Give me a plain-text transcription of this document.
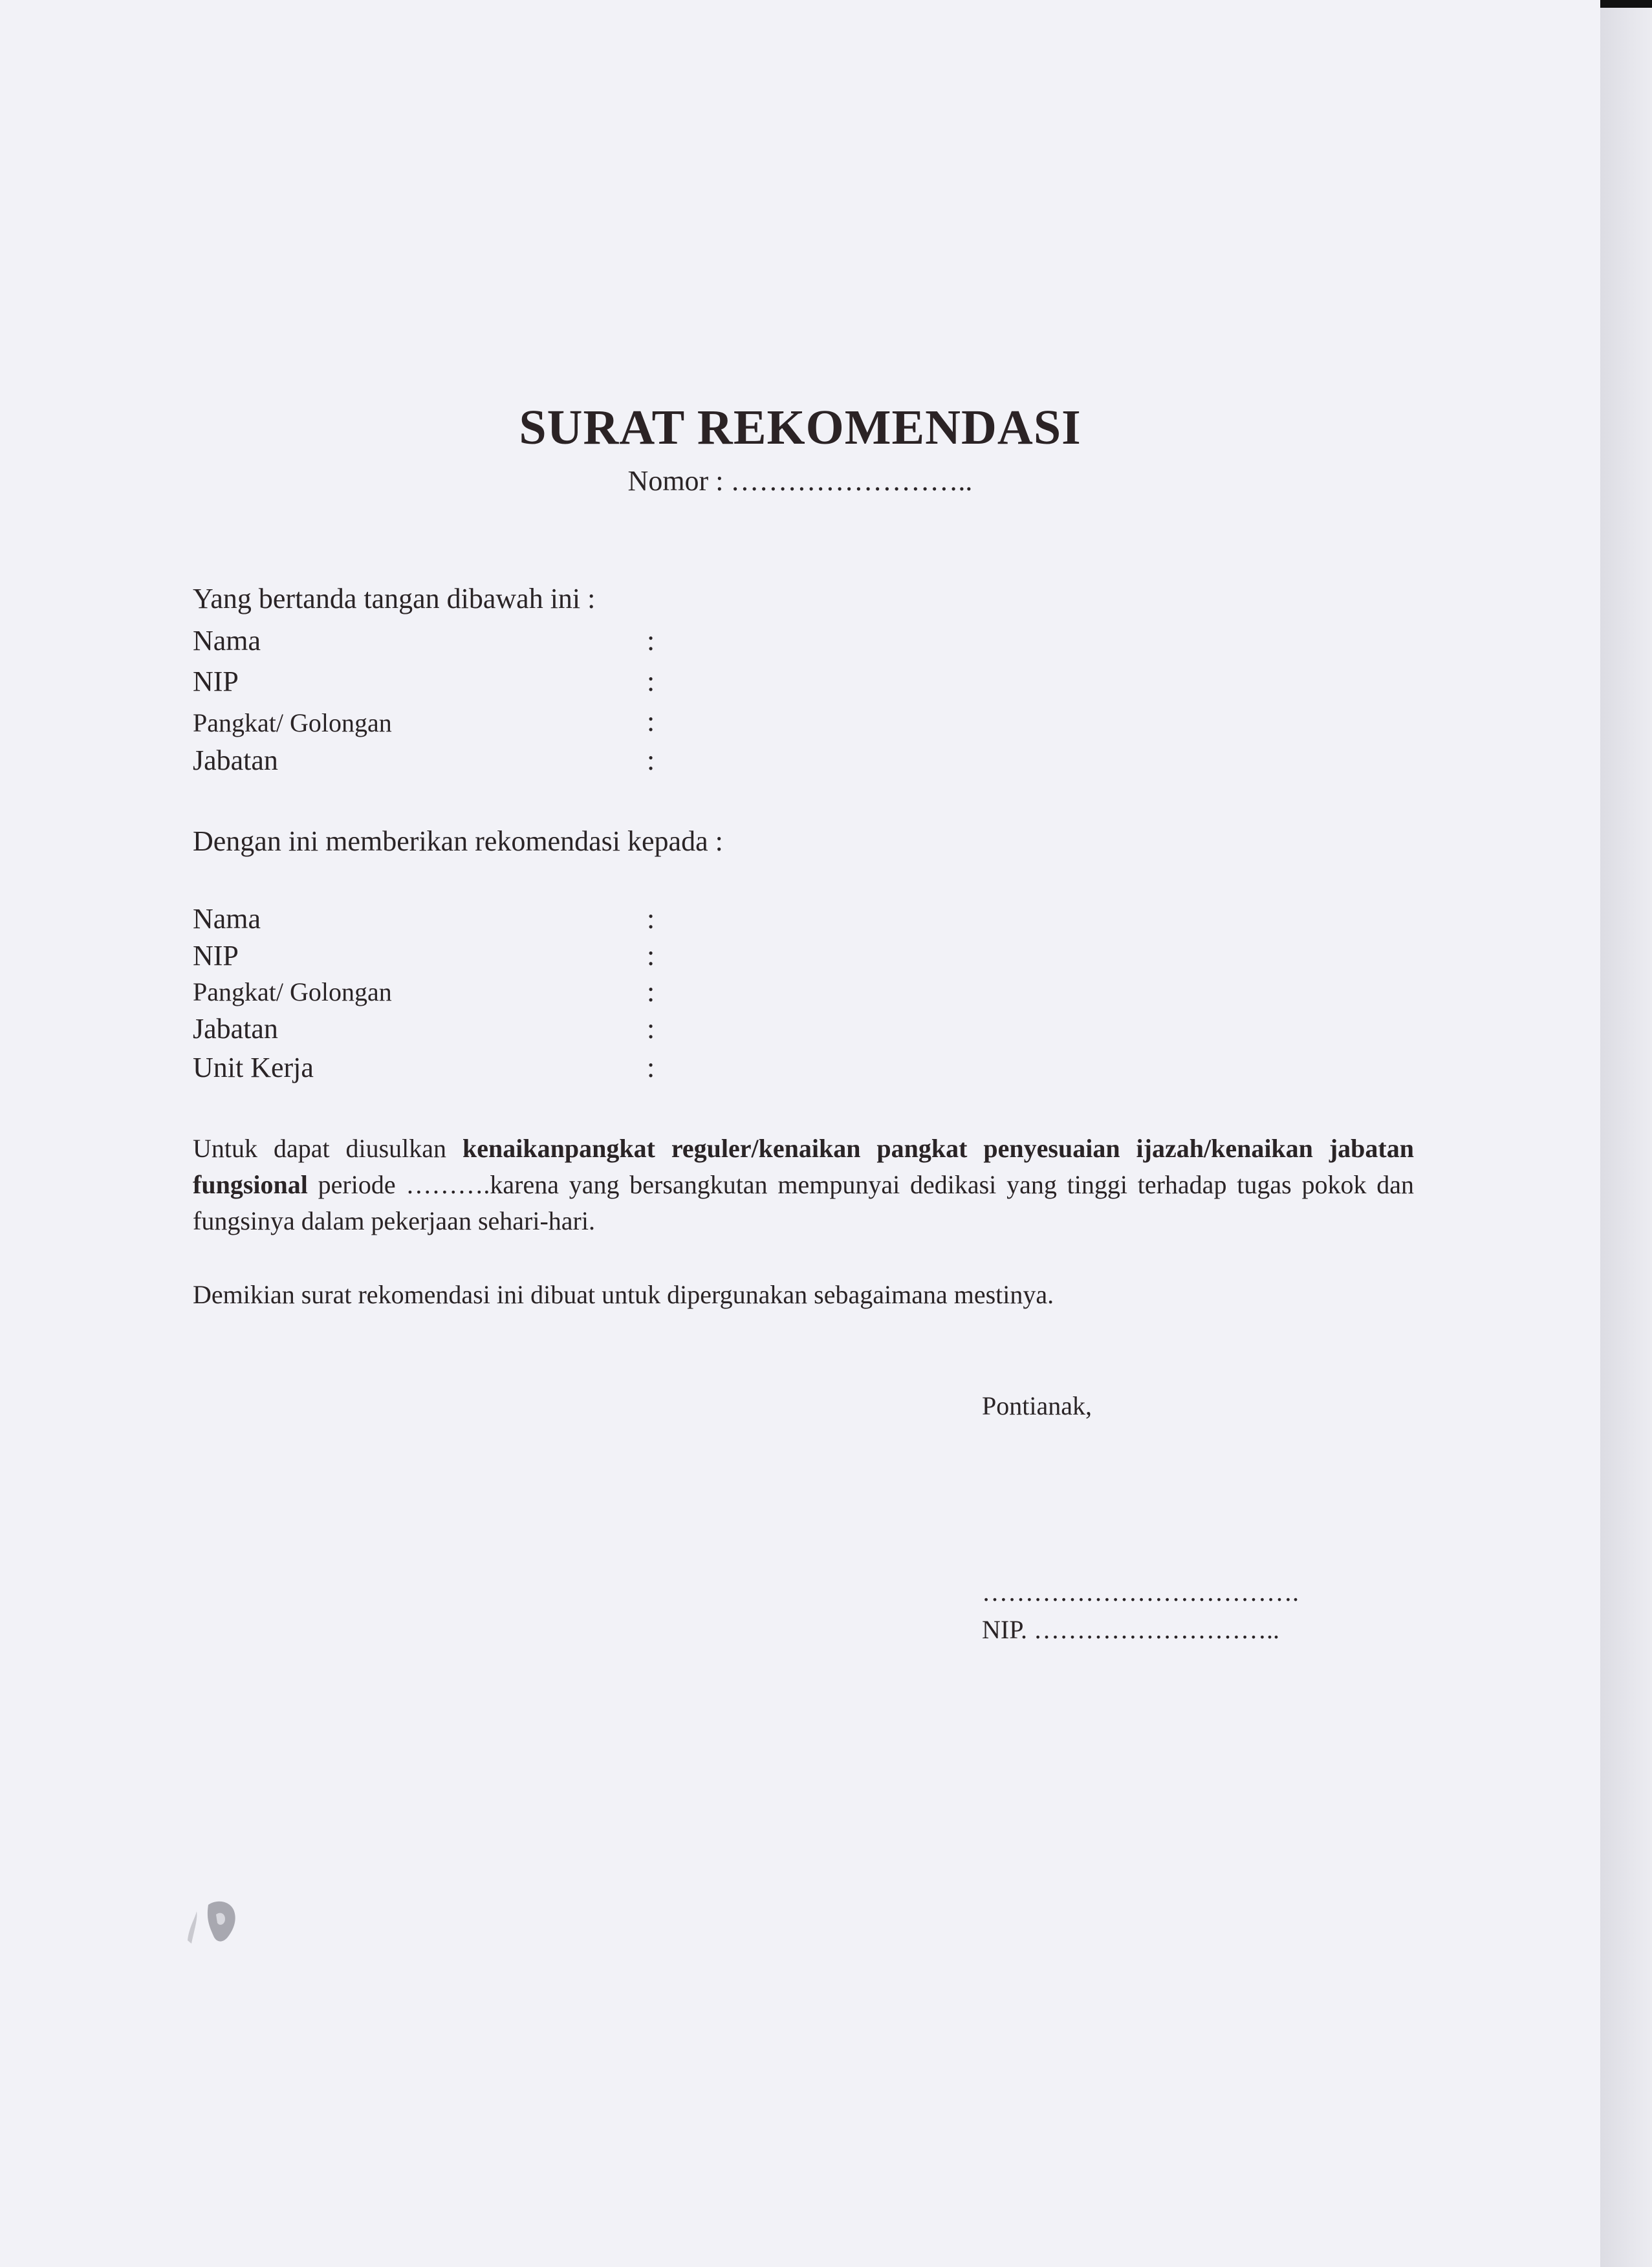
SURAT REKOMENDASI
Nomor : ……………………..
Yang bertanda tangan dibawah ini :
Nama	:
NIP	:
Pangkat/ Golongan	:
Jabatan	:
Dengan ini memberikan rekomendasi kepada :
Nama	:
NIP	:
Pangkat/ Golongan	:
Jabatan	:
Unit Kerja	:
Untuk dapat diusulkan kenaikanpangkat reguler/kenaikan pangkat penyesuaian ijazah/kenaikan jabatan fungsional periode ……….karena yang bersangkutan mempunyai dedikasi yang tinggi terhadap tugas pokok dan fungsinya dalam pekerjaan sehari-hari.
Demikian surat rekomendasi ini dibuat untuk dipergunakan sebagaimana mestinya.
Pontianak,
……………………………….
NIP. ………………………..
